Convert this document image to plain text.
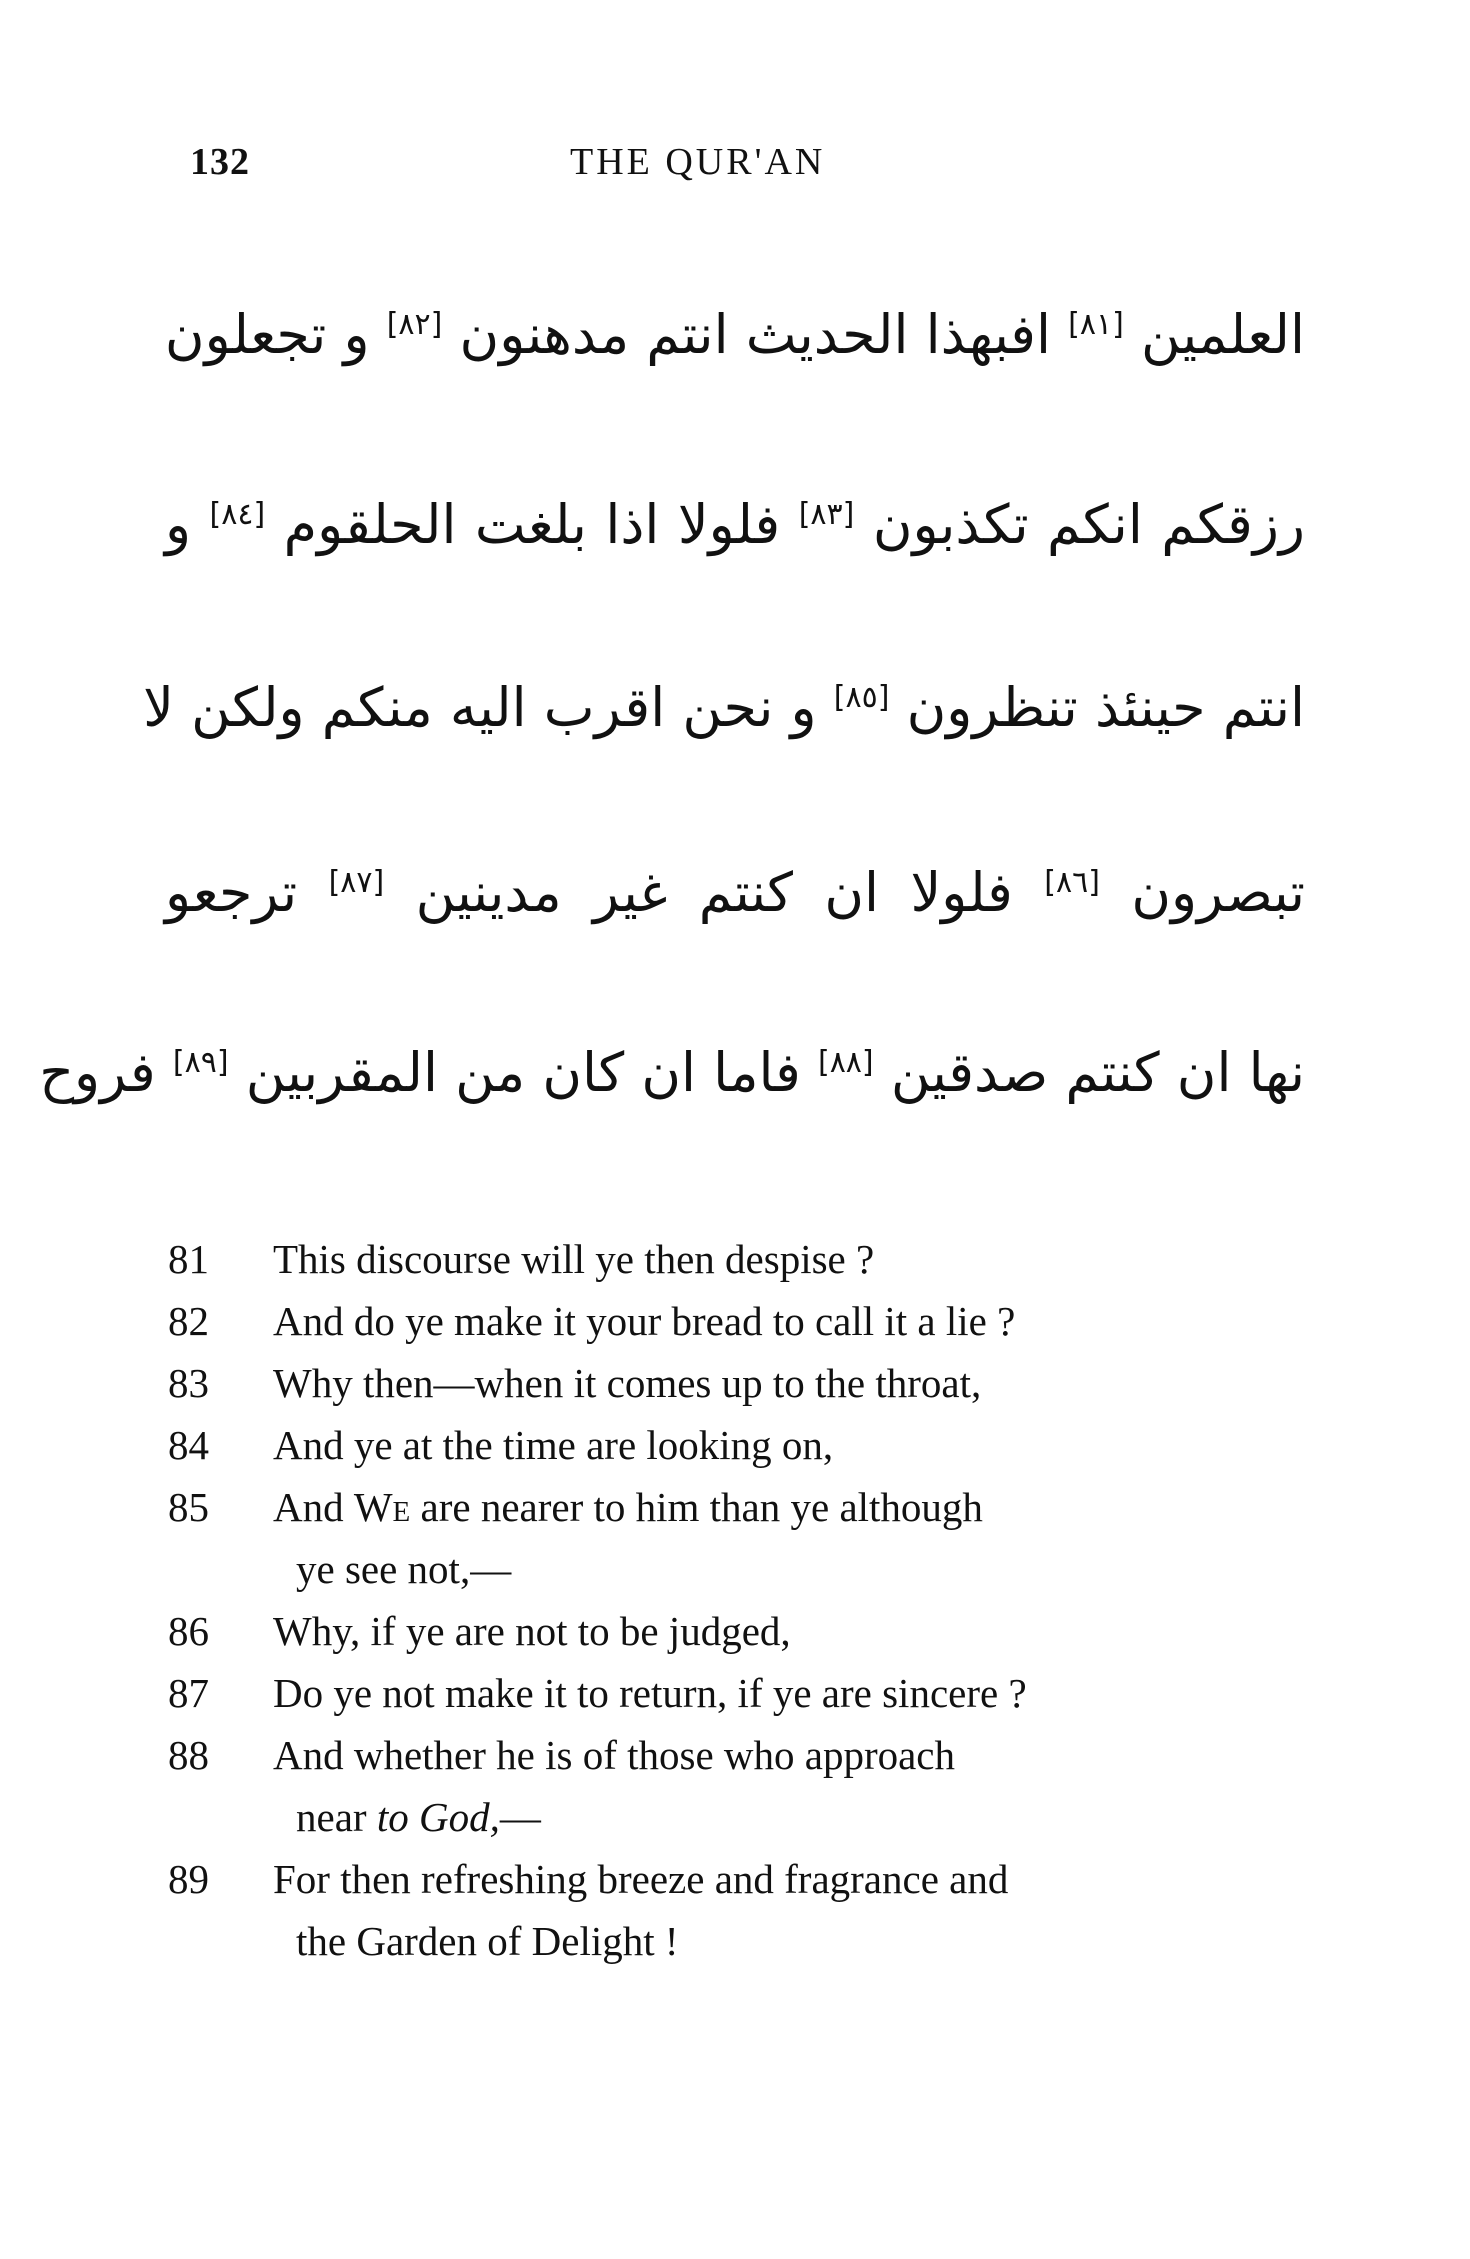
132	THE QUR'AN
العلمين [٨١] افبهذا الحديث انتم مدهنون [٨٢] و تجعلون
رزقكم انكم تكذبون [٨٣] فلولا اذا بلغت الحلقوم [٨٤] و
انتم حينئذ تنظرون [٨٥] و نحن اقرب اليه منكم ولكن لا
تبصرون [٨٦] فلولا ان كنتم غير مدينين [٨٧] ترجعو
نها ان كنتم صدقين [٨٨] فاما ان كان من المقربين [٨٩] فروح
81	This discourse will ye then despise ?
82	And do ye make it your bread to call it a lie ?
83	Why then—when it comes up to the throat,
84	And ye at the time are looking on,
85	And We are nearer to him than ye although
ye see not,—
86	Why, if ye are not to be judged,
87	Do ye not make it to return, if ye are sincere ?
88	And whether he is of those who approach
near to God,—
89	For then refreshing breeze and fragrance and
the Garden of Delight !
